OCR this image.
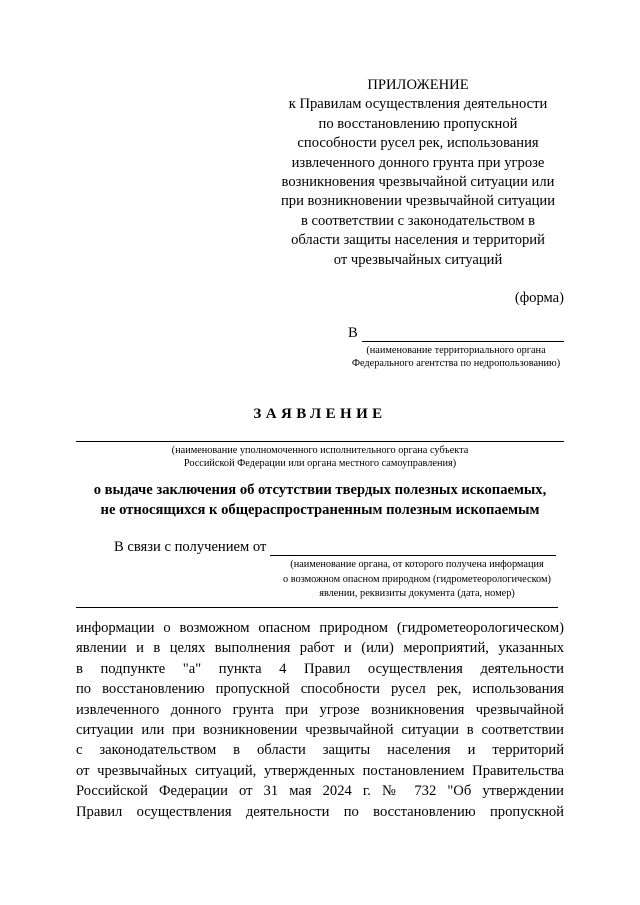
ПРИЛОЖЕНИЕ
к Правилам осуществления деятельности
по восстановлению пропускной
способности русел рек, использования
извлеченного донного грунта при угрозе
возникновения чрезвычайной ситуации или
при возникновении чрезвычайной ситуации
в соответствии с законодательством в
области защиты населения и территорий
от чрезвычайных ситуаций
(форма)
В
(наименование территориального органа
Федерального агентства по недропользованию)
ЗАЯВЛЕНИЕ
(наименование уполномоченного исполнительного органа субъекта
Российской Федерации или органа местного самоуправления)
о выдаче заключения об отсутствии твердых полезных ископаемых,
не относящихся к общераспространенным полезным ископаемым
В связи с получением от
(наименование органа, от которого получена информация
о возможном опасном природном (гидрометеорологическом)
явлении, реквизиты документа (дата, номер)
информации о возможном опасном природном (гидрометеорологическом)
явлении и в целях выполнения работ и (или) мероприятий, указанных
в подпункте "а" пункта 4 Правил осуществления деятельности
по восстановлению пропускной способности русел рек, использования
извлеченного донного грунта при угрозе возникновения чрезвычайной
ситуации или при возникновении чрезвычайной ситуации в соответствии
с законодательством в области защиты населения и территорий
от чрезвычайных ситуаций, утвержденных постановлением Правительства
Российской Федерации от 31 мая 2024 г. № 732 "Об утверждении
Правил осуществления деятельности по восстановлению пропускной
